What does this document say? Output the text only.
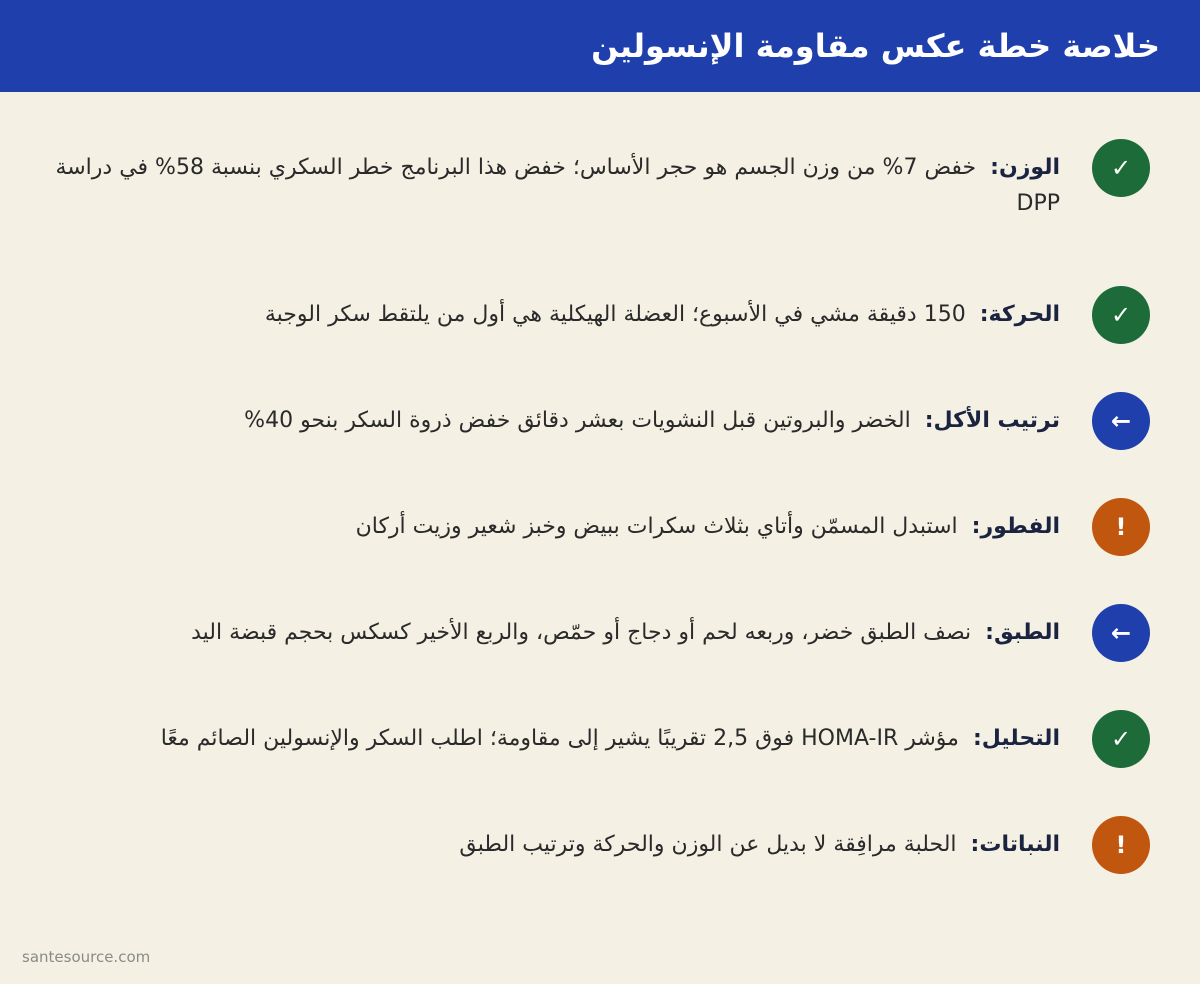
خلاصة خطة عكس مقاومة الإنسولين
✓
الوزن:  خفض 7% من وزن الجسم هو حجر الأساس؛ خفض هذا البرنامج خطر السكري بنسبة 58% في دراسة DPP
✓
الحركة:  150 دقيقة مشي في الأسبوع؛ العضلة الهيكلية هي أول من يلتقط سكر الوجبة
←
ترتيب الأكل:  الخضر والبروتين قبل النشويات بعشر دقائق خفض ذروة السكر بنحو 40%
!
الفطور:  استبدل المسمّن وأتاي بثلاث سكرات ببيض وخبز شعير وزيت أركان
←
الطبق:  نصف الطبق خضر، وربعه لحم أو دجاج أو حمّص، والربع الأخير كسكس بحجم قبضة اليد
✓
التحليل:  مؤشر HOMA-IR فوق 2,5 تقريبًا يشير إلى مقاومة؛ اطلب السكر والإنسولين الصائم معًا
!
النباتات:  الحلبة مرافِقة لا بديل عن الوزن والحركة وترتيب الطبق
santesource.com
